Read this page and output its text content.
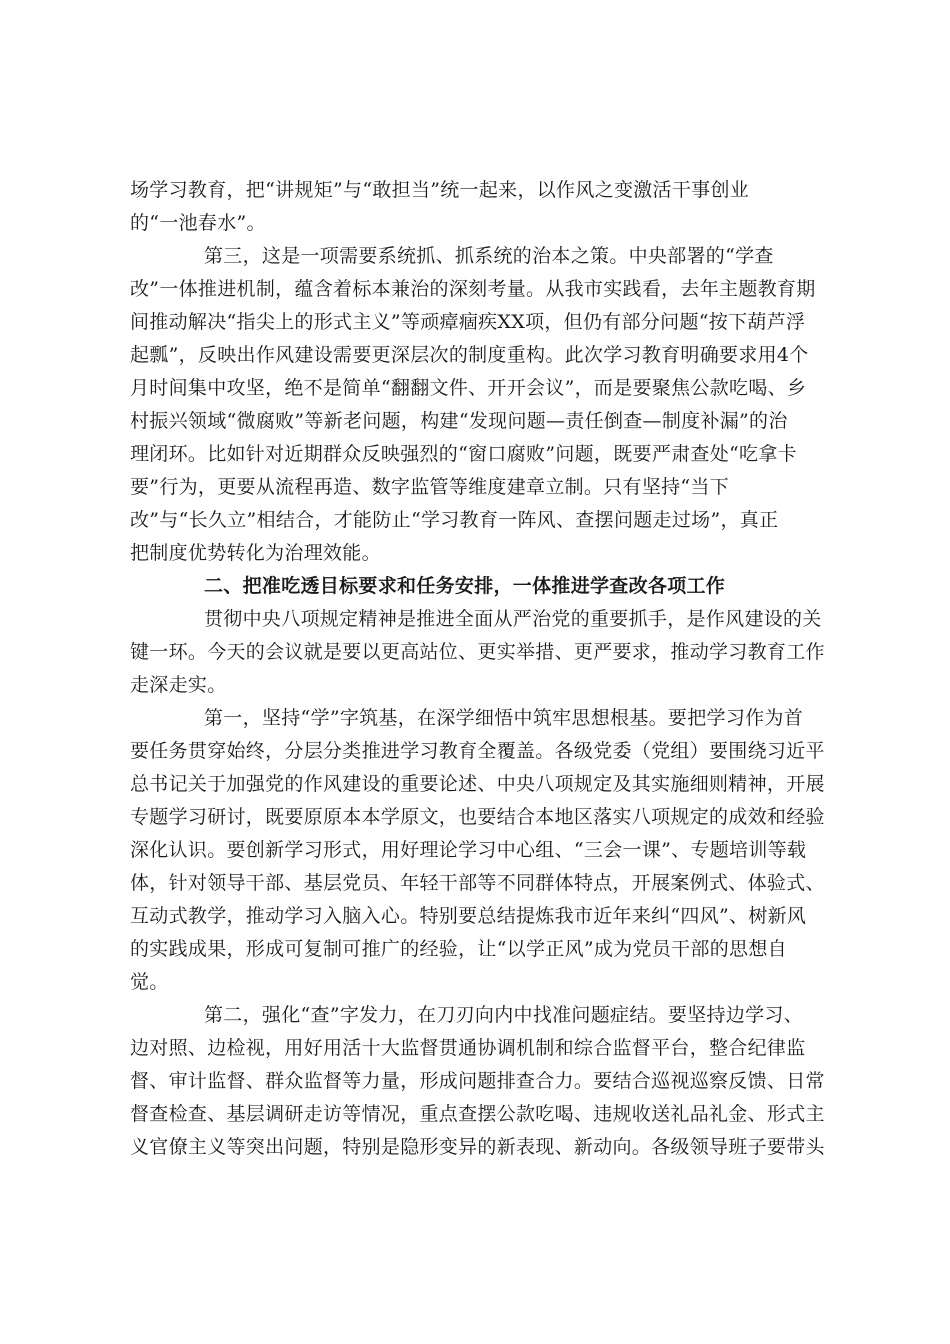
场学习教育，把“讲规矩”与“敢担当”统一起来，以作风之变激活干事创业
的“一池春水”。
第三，这是一项需要系统抓、抓系统的治本之策。中央部署的“学查
改”一体推进机制，蕴含着标本兼治的深刻考量。从我市实践看，去年主题教育期
间推动解决“指尖上的形式主义”等顽瘴痼疾XX项，但仍有部分问题“按下葫芦浮
起瓢”，反映出作风建设需要更深层次的制度重构。此次学习教育明确要求用4个
月时间集中攻坚，绝不是简单“翻翻文件、开开会议”，而是要聚焦公款吃喝、乡
村振兴领域“微腐败”等新老问题，构建“发现问题—责任倒查—制度补漏”的治
理闭环。比如针对近期群众反映强烈的“窗口腐败”问题，既要严肃查处“吃拿卡
要”行为，更要从流程再造、数字监管等维度建章立制。只有坚持“当下
改”与“长久立”相结合，才能防止“学习教育一阵风、查摆问题走过场”，真正
把制度优势转化为治理效能。
二、把准吃透目标要求和任务安排，一体推进学查改各项工作
贯彻中央八项规定精神是推进全面从严治党的重要抓手，是作风建设的关
键一环。今天的会议就是要以更高站位、更实举措、更严要求，推动学习教育工作
走深走实。
第一，坚持“学”字筑基，在深学细悟中筑牢思想根基。要把学习作为首
要任务贯穿始终，分层分类推进学习教育全覆盖。各级党委（党组）要围绕习近平
总书记关于加强党的作风建设的重要论述、中央八项规定及其实施细则精神，开展
专题学习研讨，既要原原本本学原文，也要结合本地区落实八项规定的成效和经验
深化认识。要创新学习形式，用好理论学习中心组、“三会一课”、专题培训等载
体，针对领导干部、基层党员、年轻干部等不同群体特点，开展案例式、体验式、
互动式教学，推动学习入脑入心。特别要总结提炼我市近年来纠“四风”、树新风
的实践成果，形成可复制可推广的经验，让“以学正风”成为党员干部的思想自
觉。
第二，强化“查”字发力，在刀刃向内中找准问题症结。要坚持边学习、
边对照、边检视，用好用活十大监督贯通协调机制和综合监督平台，整合纪律监
督、审计监督、群众监督等力量，形成问题排查合力。要结合巡视巡察反馈、日常
督查检查、基层调研走访等情况，重点查摆公款吃喝、违规收送礼品礼金、形式主
义官僚主义等突出问题，特别是隐形变异的新表现、新动向。各级领导班子要带头
